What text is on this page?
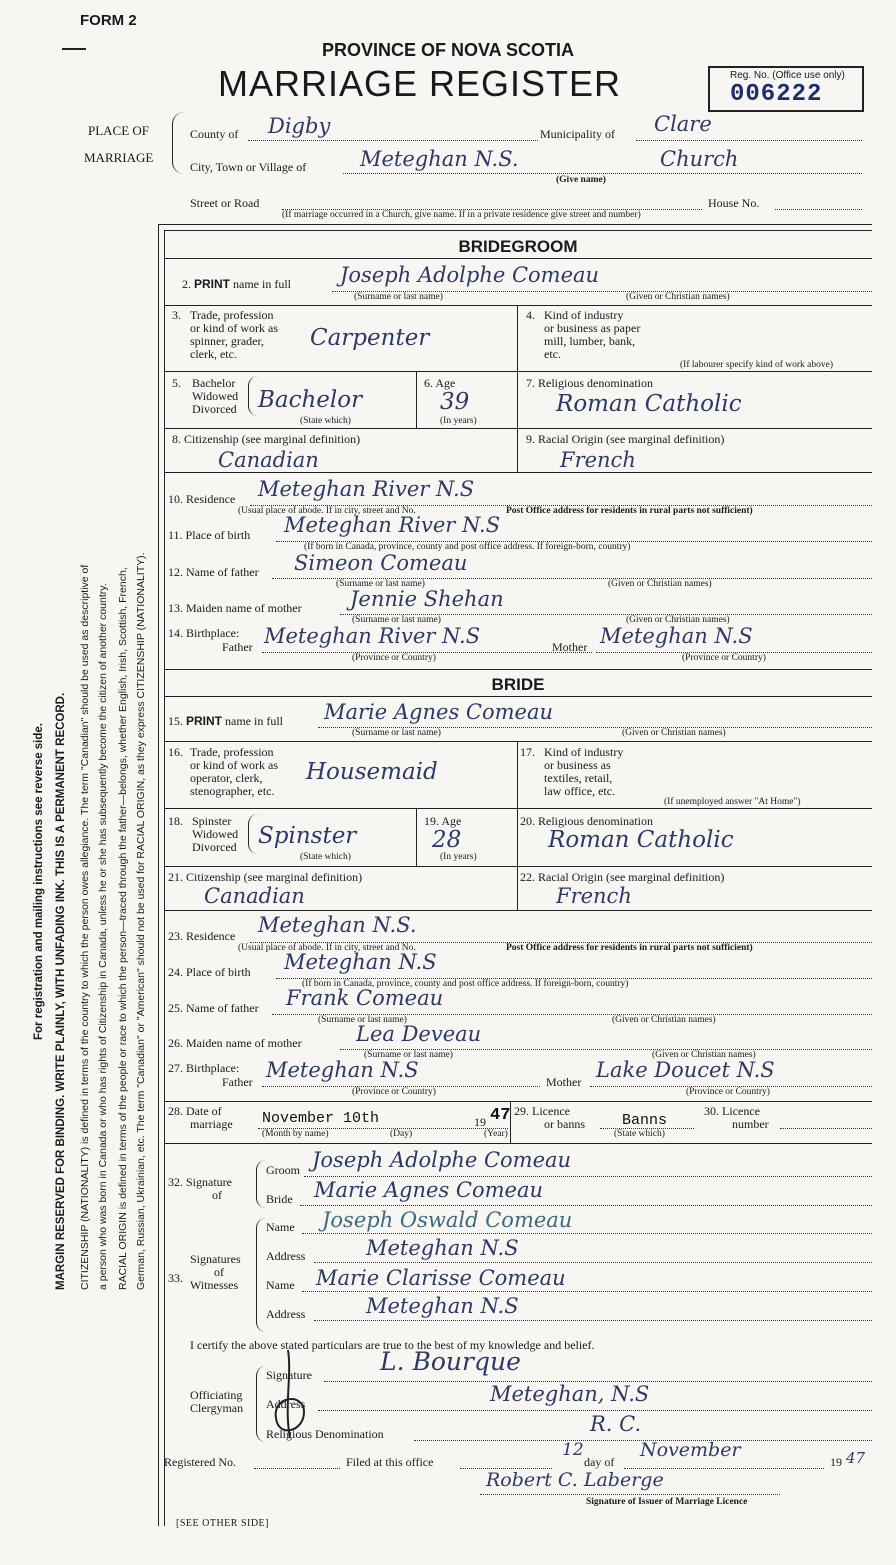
FORM 2
PROVINCE OF NOVA SCOTIA
MARRIAGE REGISTER	Reg. No. (Office use only)
006222
PLACE OF
MARRIAGE
County of Digby	Municipality of Clare
City, Town or Village of	Meteghan N.S.	Church
(Give name)
Street or Road	House No.
(If marriage occurred in a Church, give name. If in a private residence give street and number)
For registration and mailing instructions see reverse side. MARGIN RESERVED FOR BINDING. WRITE PLAINLY, WITH UNFADING INK. THIS IS A PERMANENT RECORD. CITIZENSHIP (NATIONALITY) is defined in terms of the country to which the person owes allegiance. The term "Canadian" should be used as descriptive of a person who was born in Canada or who has rights of Citizenship in Canada, unless he or she has subsequently become the citizen of another country. RACIAL ORIGIN is defined in terms of the people or race to which the person—traced through the father—belongs, whether English, Irish, Scottish, French, German, Russian, Ukrainian, etc. The term "Canadian" or "American" should not be used for RACIAL ORIGIN, as they express CITIZENSHIP (NATIONALITY).
BRIDEGROOM
2. PRINT name in full Joseph Adolphe Comeau
(Surname or last name)	(Given or Christian names)
3. Trade, profession
or kind of work as
spinner, grader,
clerk, etc.
Carpenter
4. Kind of industry
or business as paper
mill, lumber, bank,
etc.
(If labourer specify kind of work above)
5. Bachelor
Widowed
Divorced Bachelor
(State which)
6. Age
39
(In years)
7. Religious denomination
Roman Catholic
8. Citizenship (see marginal definition)
Canadian
9. Racial Origin (see marginal definition)
French
10. Residence Meteghan River N.S
(Usual place of abode. If in city, street and No.	Post Office address for residents in rural parts not sufficient)
11. Place of birth Meteghan River N.S
(If born in Canada, province, county and post office address. If foreign-born, country)
12. Name of father Simeon Comeau
(Surname or last name)	(Given or Christian names)
13. Maiden name of mother Jennie Shehan
(Surname or last name)	(Given or Christian names)
14. Birthplace:
Father Meteghan River N.S	Mother Meteghan N.S
(Province or Country)	(Province or Country)
BRIDE
15. PRINT name in full Marie Agnes Comeau
(Surname or last name)	(Given or Christian names)
16. Trade, profession
or kind of work as
operator, clerk,
stenographer, etc.
Housemaid
17. Kind of industry
or business as
textiles, retail,
law office, etc.
(If unemployed answer "At Home")
18. Spinster
Widowed
Divorced Spinster
(State which)
19. Age
28
(In years)
20. Religious denomination
Roman Catholic
21. Citizenship (see marginal definition)
Canadian
22. Racial Origin (see marginal definition)
French
23. Residence Meteghan N.S.
(Usual place of abode. If in city, street and No.	Post Office address for residents in rural parts not sufficient)
24. Place of birth Meteghan N.S
(If born in Canada, province, county and post office address. If foreign-born, country)
25. Name of father Frank Comeau
(Surname or last name)	(Given or Christian names)
26. Maiden name of mother	Lea Deveau
(Surname or last name)	(Given or Christian names)
27. Birthplace:
Father Meteghan N.S	Mother Lake Doucet N.S
(Province or Country)	(Province or Country)
28. Date of
marriage November 10th	19 47
(Month by name)	(Day)	(Year)
29. Licence
or banns Banns
(State which)
30. Licence
number
32. Signature
of
Groom Joseph Adolphe Comeau
Bride Marie Agnes Comeau
33.
Signatures
of
Witnesses
Name Joseph Oswald Comeau
Address	Meteghan N.S
Name Marie Clarisse Comeau
Address	Meteghan N.S
I certify the above stated particulars are true to the best of my knowledge and belief.
Officiating
Clergyman
Signature	L. Bourque
Address	Meteghan, N.S
Religious Denomination	R. C.
Registered No.	Filed at this office
12
day of
November
19 47
Robert C. Laberge
Signature of Issuer of Marriage Licence
[SEE OTHER SIDE]
